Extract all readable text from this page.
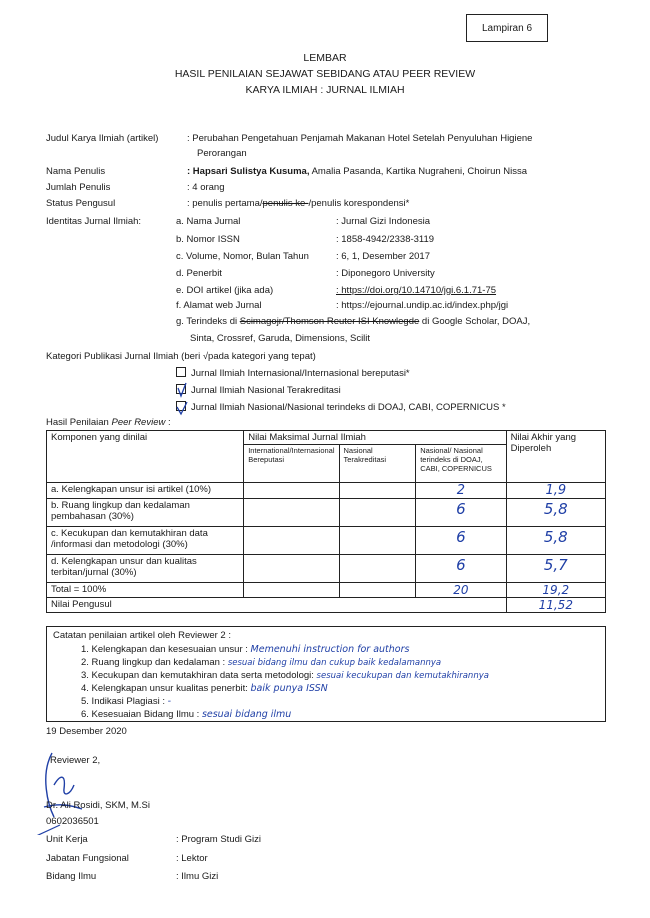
Lampiran 6
LEMBAR
HASIL PENILAIAN SEJAWAT SEBIDANG ATAU PEER REVIEW
KARYA ILMIAH : JURNAL ILMIAH
Judul Karya Ilmiah (artikel)	: Perubahan Pengetahuan Penjamah Makanan Hotel Setelah Penyuluhan Higiene
Perorangan
Nama Penulis	: Hapsari Sulistya Kusuma, Amalia Pasanda, Kartika Nugraheni, Choirun Nissa
Jumlah Penulis	: 4 orang
Status Pengusul	: penulis pertama/penulis ke-/penulis korespondensi*
Identitas Jurnal Ilmiah:	a. Nama Jurnal	: Jurnal Gizi Indonesia
b. Nomor ISSN	: 1858-4942/2338-3119
c. Volume, Nomor, Bulan Tahun	: 6, 1, Desember 2017
d. Penerbit	: Diponegoro University
e. DOI artikel (jika ada)	: https://doi.org/10.14710/jgi.6.1.71-75
f. Alamat web Jurnal	: https://ejournal.undip.ac.id/index.php/jgi
g. Terindeks di Scimagojr/Thomson Reuter ISI Knowlegde di Google Scholar, DOAJ,
Sinta, Crossref, Garuda, Dimensions, Scilit
Kategori Publikasi Jurnal Ilmiah (beri √pada kategori yang tepat)
Jurnal Ilmiah Internasional/Internasional bereputasi*
Jurnal Ilmiah Nasional Terakreditasi
Jurnal Ilmiah Nasional/Nasional terindeks di DOAJ, CABI, COPERNICUS *
Hasil Penilaian Peer Review :
Komponen yang dinilai	Nilai Maksimal Jurnal Ilmiah			Nilai Akhir yang Diperoleh
	International/Internasional Bereputasi	Nasional Terakreditasi	Nasional/ Nasional terindeks di DOAJ, CABI, COPERNICUS	
a. Kelengkapan unsur isi artikel (10%)			2	1,9
b. Ruang lingkup dan kedalaman pembahasan (30%)			6	5,8
c. Kecukupan dan kemutakhiran data /informasi dan metodologi (30%)			6	5,8
d. Kelengkapan unsur dan kualitas terbitan/jurnal (30%)			6	5,7
Total = 100%			20	19,2
Nilai Pengusul				11,52
Catatan penilaian artikel oleh Reviewer 2 :
1. Kelengkapan dan kesesuaian unsur : Memenuhi instruction for authors
2. Ruang lingkup dan kedalaman : sesuai bidang ilmu dan cukup baik kedalamannya
3. Kecukupan dan kemutakhiran data serta metodologi: sesuai kecukupan dan kemutakhirannya
4. Kelengkapan unsur kualitas penerbit: baik punya ISSN
5. Indikasi Plagiasi : -
6. Kesesuaian Bidang Ilmu : sesuai bidang ilmu
19 Desember 2020
Reviewer 2,
Dr. Ali Rosidi, SKM, M.Si
0602036501
Unit Kerja	: Program Studi Gizi
Jabatan Fungsional	: Lektor
Bidang Ilmu	: Ilmu Gizi
